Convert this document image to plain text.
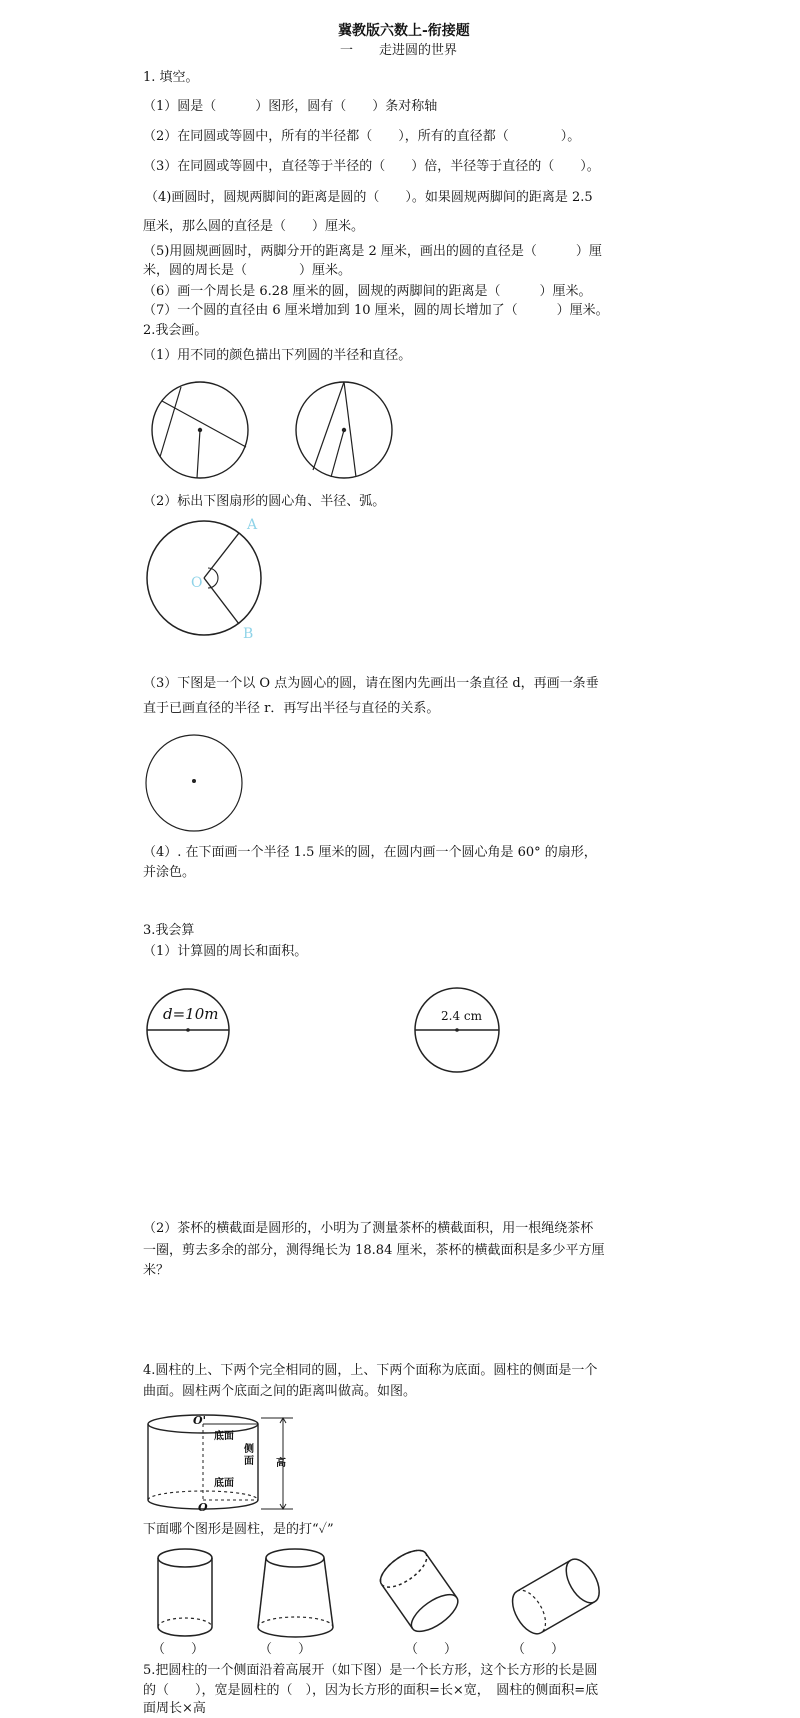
冀教版六数上-衔接题
一　　走进圆的世界
1. 填空。
（1）圆是（　　　）图形，圆有（　　）条对称轴
（2）在同圆或等圆中，所有的半径都（　　），所有的直径都（　　　　）。
（3）在同圆或等圆中，直径等于半径的（　　）倍，半径等于直径的（　　）。
（4)画圆时，圆规两脚间的距离是圆的（　　）。如果圆规两脚间的距离是 2.5
厘米，那么圆的直径是（　　）厘米。
（5)用圆规画圆时，两脚分开的距离是 2 厘米，画出的圆的直径是（　　　）厘
米，圆的周长是（　　　　）厘米。
（6）画一个周长是 6.28 厘米的圆，圆规的两脚间的距离是（　　　）厘米。
（7）一个圆的直径由 6 厘米增加到 10 厘米，圆的周长增加了（　　　）厘米。
2.我会画。
（1）用不同的颜色描出下列圆的半径和直径。
（2）标出下图扇形的圆心角、半径、弧。
A
B
O
（3）下图是一个以 O 点为圆心的圆，请在图内先画出一条直径 d，再画一条垂
直于已画直径的半径 r．再写出半径与直径的关系。
（4）. 在下面画一个半径 1.5 厘米的圆，在圆内画一个圆心角是 60° 的扇形，
并涂色。
3.我会算
（1）计算圆的周长和面积。
d=10m	2.4 cm
（2）茶杯的横截面是圆形的，小明为了测量茶杯的横截面积，用一根绳绕茶杯
一圈，剪去多余的部分，测得绳长为 18.84 厘米，茶杯的横截面积是多少平方厘
米？
4.圆柱的上、下两个完全相同的圆，上、下两个面称为底面。圆柱的侧面是一个
曲面。圆柱两个底面之间的距离叫做高。如图。
O'
O
底面
侧面
底面
高
下面哪个图形是圆柱，是的打“✓”
（　　）	（　　）	（　　）	（　　）
5.把圆柱的一个侧面沿着高展开（如下图）是一个长方形，这个长方形的长是圆
的（　　），宽是圆柱的（　），因为长方形的面积=长×宽，　圆柱的侧面积=底
面周长×高
